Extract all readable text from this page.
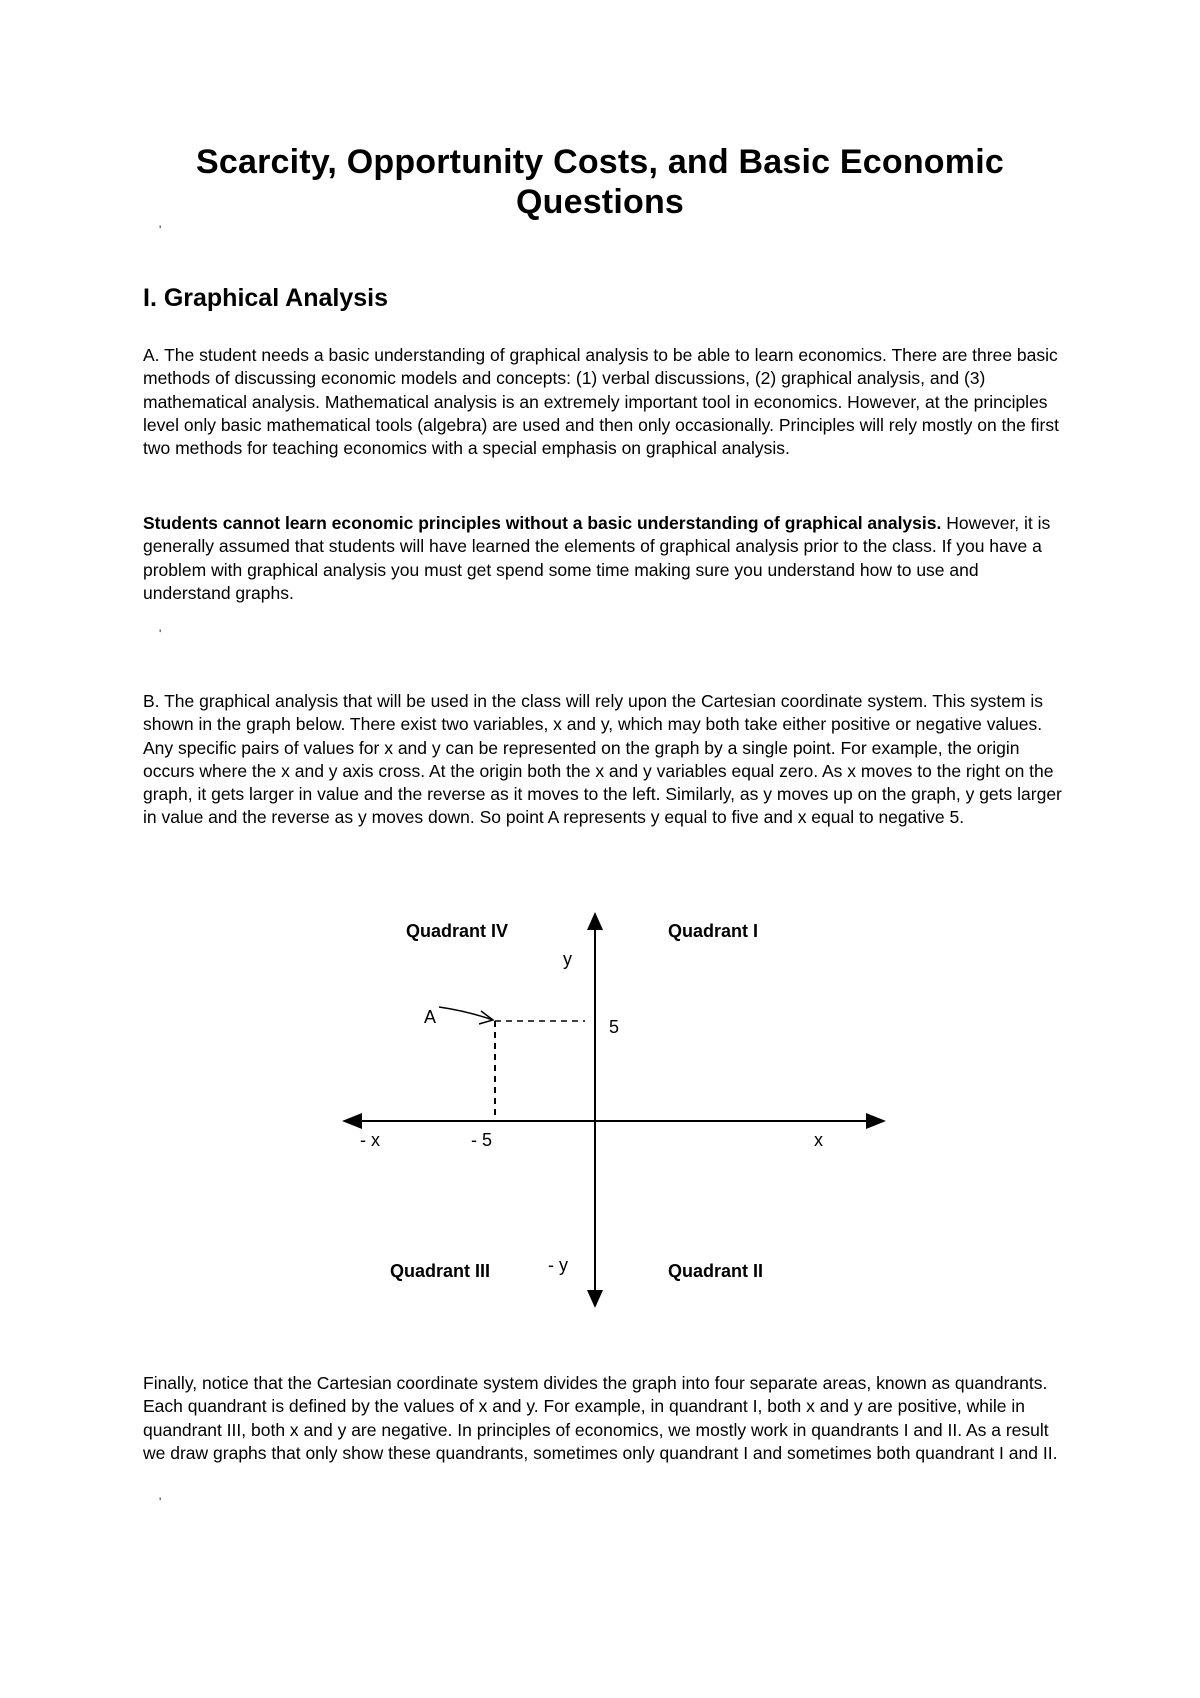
Scarcity, Opportunity Costs, and Basic Economic Questions
'
I. Graphical Analysis

A. The student needs a basic understanding of graphical analysis to be able to learn economics. There are three basic methods of discussing economic models and concepts: (1) verbal discussions, (2) graphical analysis, and (3) mathematical analysis. Mathematical analysis is an extremely important tool in economics. However, at the principles level only basic mathematical tools (algebra) are used and then only occasionally. Principles will rely mostly on the first two methods for teaching economics with a special emphasis on graphical analysis.

Students cannot learn economic principles without a basic understanding of graphical analysis. However, it is generally assumed that students will have learned the elements of graphical analysis prior to the class. If you have a problem with graphical analysis you must get spend some time making sure you understand how to use and understand graphs.

'

B. The graphical analysis that will be used in the class will rely upon the Cartesian coordinate system. This system is shown in the graph below. There exist two variables, x and y, which may both take either positive or negative values. Any specific pairs of values for x and y can be represented on the graph by a single point. For example, the origin occurs where the x and y axis cross. At the origin both the x and y variables equal zero. As x moves to the right on the graph, it gets larger in value and the reverse as it moves to the left. Similarly, as y moves up on the graph, y gets larger in value and the reverse as y moves down. So point A represents y equal to five and x equal to negative 5.

Quadrant IV	Quadrant I
Quadrant III	Quadrant II
y
- y
x
- x
5
- 5
A

Finally, notice that the Cartesian coordinate system divides the graph into four separate areas, known as quandrants. Each quandrant is defined by the values of x and y. For example, in quandrant I, both x and y are positive, while in quandrant III, both x and y are negative. In principles of economics, we mostly work in quandrants I and II. As a result we draw graphs that only show these quandrants, sometimes only quandrant I and sometimes both quandrant I and II.

'
